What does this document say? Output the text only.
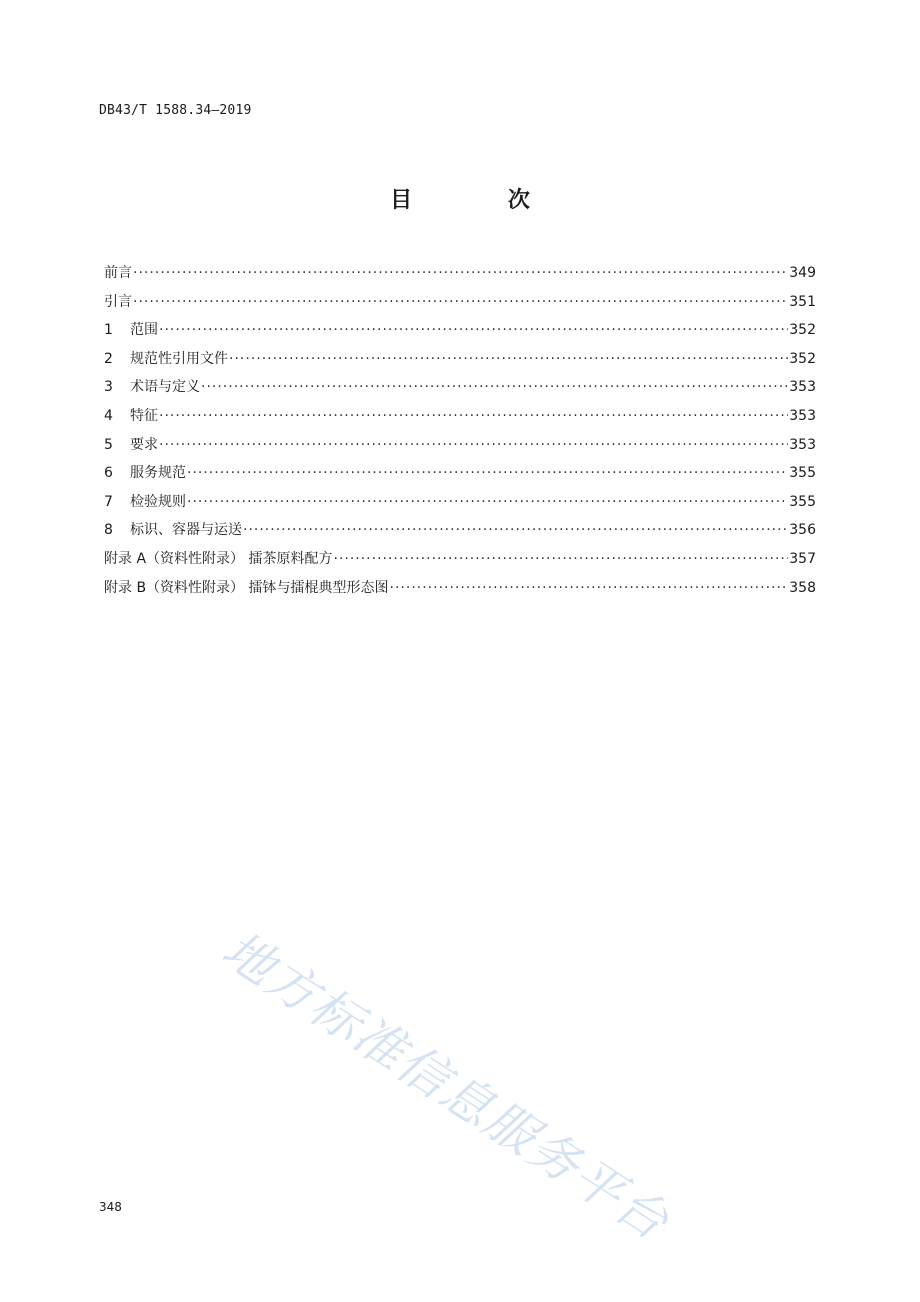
DB43/T 1588.34—2019
目 次
前言 ·····	349
引言 ·····	351
1	范围 ·····	352
2	规范性引用文件 ·····	352
3	术语与定义 ·····	353
4	特征 ·····	353
5	要求 ·····	353
6	服务规范 ·····	355
7	检验规则 ·····	355
8	标识、容器与运送 ·····	356
附录 A（资料性附录） 擂茶原料配方 ·····	357
附录 B（资料性附录） 擂钵与擂棍典型形态图 ·····	358
地方标准信息服务平台
348
